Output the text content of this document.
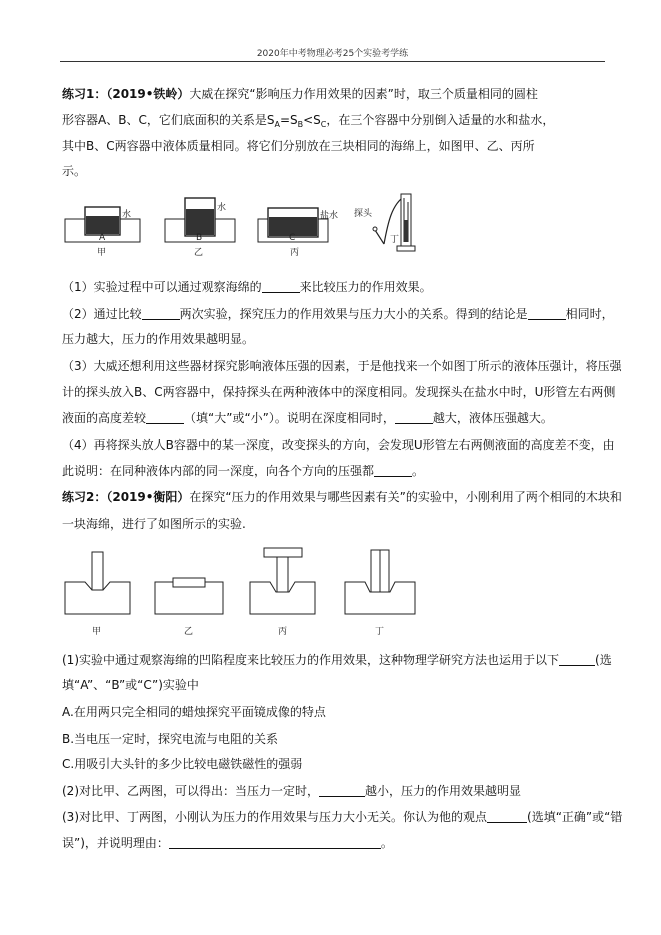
2020年中考物理必考25个实验考学练
练习1：（2019•铁岭）大威在探究“影响压力作用效果的因素”时，取三个质量相同的圆柱
形容器A、B、C，它们底面积的关系是$S_A=S_B<S_C$，在三个容器中分别倒入适量的水和盐水，
其中B、C两容器中液体质量相同。将它们分别放在三块相同的海绵上，如图甲、乙、丙所
示。
A
水
甲
B
水
乙
C
盐水
丙
探头
丁
（1）实验过程中可以通过观察海绵的	来比较压力的作用效果。
（2）通过比较	两次实验，探究压力的作用效果与压力大小的关系。得到的结论是	相同时，
压力越大，压力的作用效果越明显。
（3）大威还想利用这些器材探究影响液体压强的因素，于是他找来一个如图丁所示的液体压强计，将压强
计的探头放入B、C两容器中，保持探头在两种液体中的深度相同。发现探头在盐水中时，U形管左右两侧
液面的高度差较	（填“大”或“小”）。说明在深度相同时，	越大，液体压强越大。
（4）再将探头放人B容器中的某一深度，改变探头的方向，会发现U形管左右两侧液面的高度差不变，由
此说明：在同种液体内部的同一深度，向各个方向的压强都	。
练习2：（2019•衡阳）在探究“压力的作用效果与哪些因素有关”的实验中，小刚利用了两个相同的木块和
一块海绵，进行了如图所示的实验.
甲	乙	丙	丁
(1)实验中通过观察海绵的凹陷程度来比较压力的作用效果，这种物理学研究方法也运用于以下	(选
填“A”、“B”或“C”)实验中
A.在用两只完全相同的蜡烛探究平面镜成像的特点
B.当电压一定时，探究电流与电阻的关系
C.用吸引大头针的多少比较电磁铁磁性的强弱
(2)对比甲、乙两图，可以得出：当压力一定时，	越小，压力的作用效果越明显
(3)对比甲、丁两图，小刚认为压力的作用效果与压力大小无关。你认为他的观点	(选填“正确”或“错
误”)，并说明理由：	。
